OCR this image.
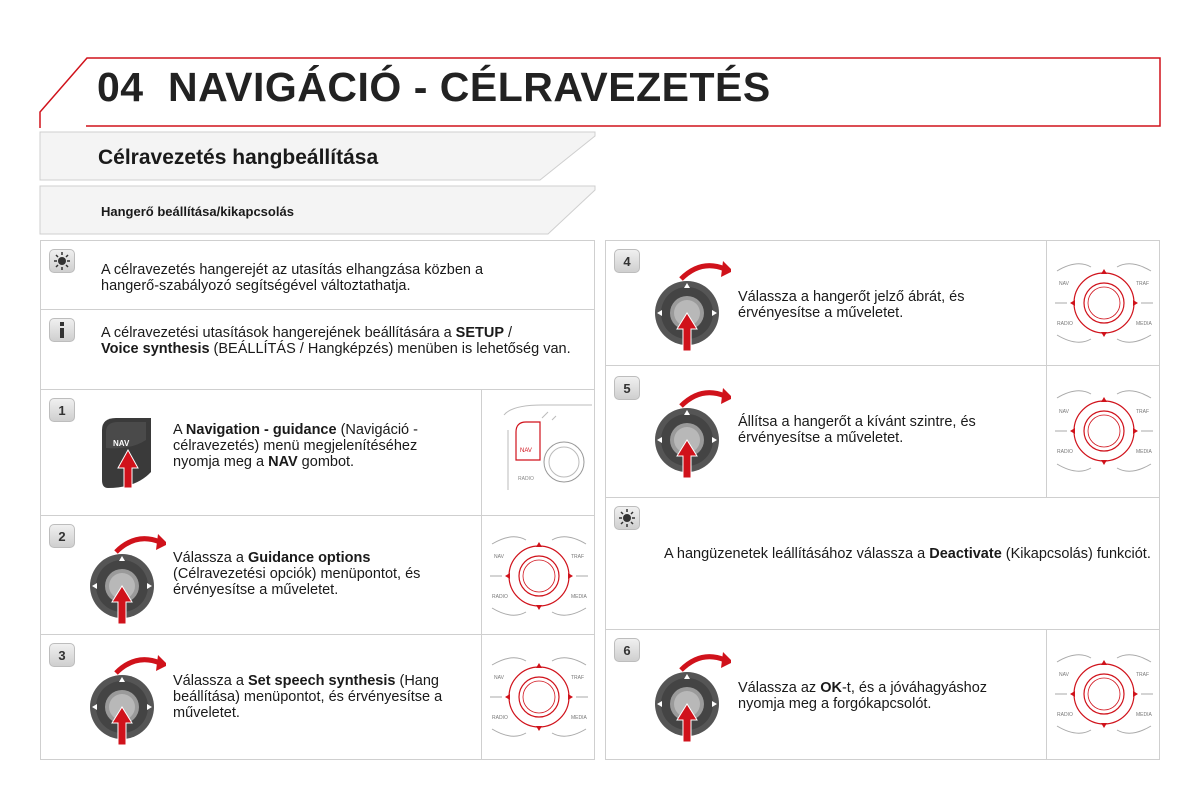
04 NAVIGÁCIÓ - CÉLRAVEZETÉS
Célravezetés hangbeállítása
Hangerő beállítása/kikapcsolás
A célravezetés hangerejét az utasítás elhangzása közben a hangerő-szabályozó segítségével változtathatja.
A célravezetési utasítások hangerejének beállítására a SETUP /
Voice synthesis (BEÁLLÍTÁS / Hangképzés) menüben is lehetőség van.
1
NAV
A Navigation - guidance (Navigáció - célravezetés) menü megjelenítéséhez nyomja meg a NAV gombot.
NAV
RADIO
2
Válassza a Guidance options (Célravezetési opciók) menüpontot, és érvényesítse a műveletet.
NAV	TRAF
RADIO	MEDIA
3
Válassza a Set speech synthesis (Hang beállítása) menüpontot, és érvényesítse a műveletet.
NAV	TRAF
RADIO	MEDIA
4
Válassza a hangerőt jelző ábrát, és érvényesítse a műveletet.
NAV	TRAF
RADIO	MEDIA
5
Állítsa a hangerőt a kívánt szintre, és érvényesítse a műveletet.
NAV	TRAF
RADIO	MEDIA
A hangüzenetek leállításához válassza a Deactivate (Kikapcsolás) funkciót.
6
Válassza az OK-t, és a jóváhagyáshoz nyomja meg a forgókapcsolót.
NAV	TRAF
RADIO	MEDIA
